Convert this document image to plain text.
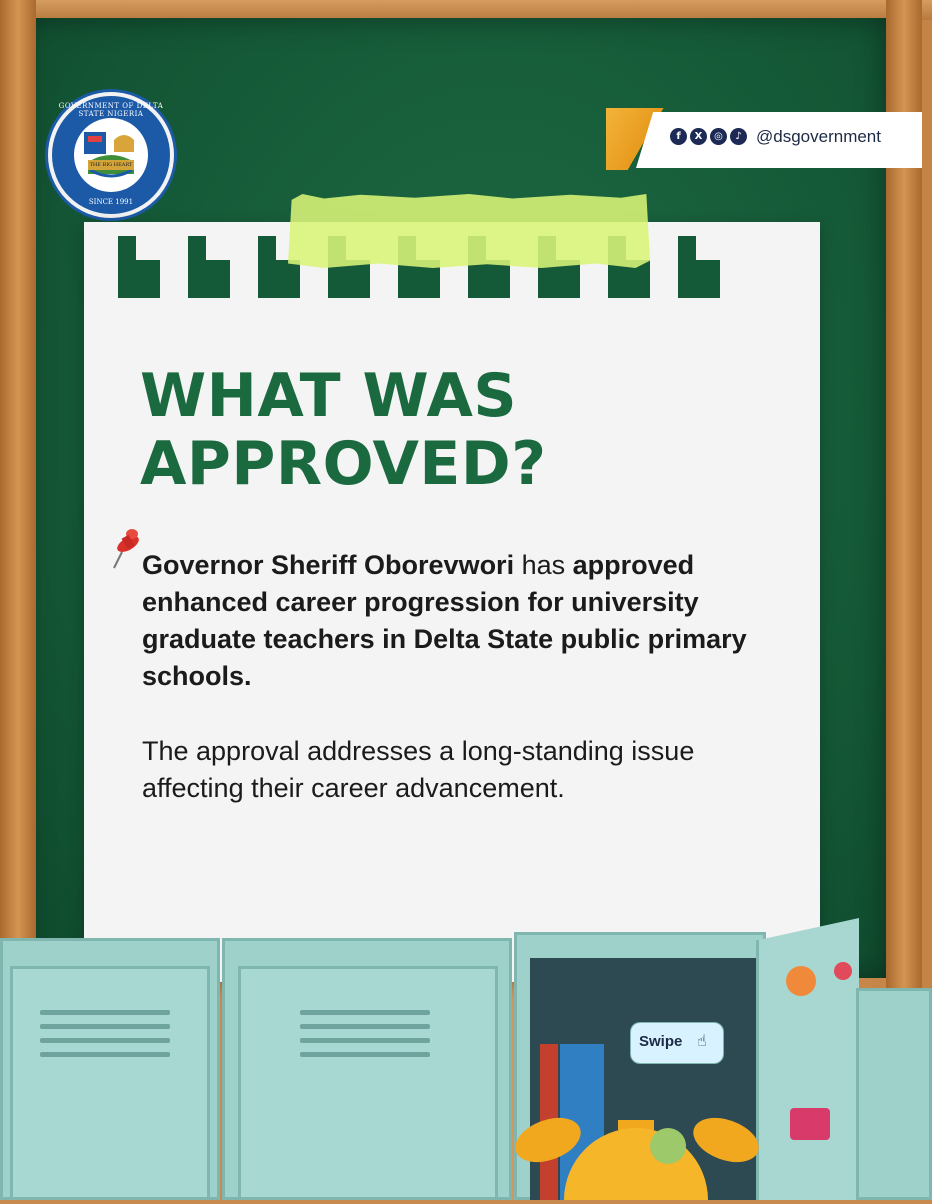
GOVERNMENT OF DELTA STATE NIGERIA
THE BIG HEART
SINCE 1991
f	X	◎	♪ @dsgovernment
WHAT WAS
APPROVED?
Governor Sheriff Oborevwori has approved enhanced career progression for university graduate teachers in Delta State public primary schools.
The approval addresses a long-standing issue affecting their career advancement.
Swipe ☝
